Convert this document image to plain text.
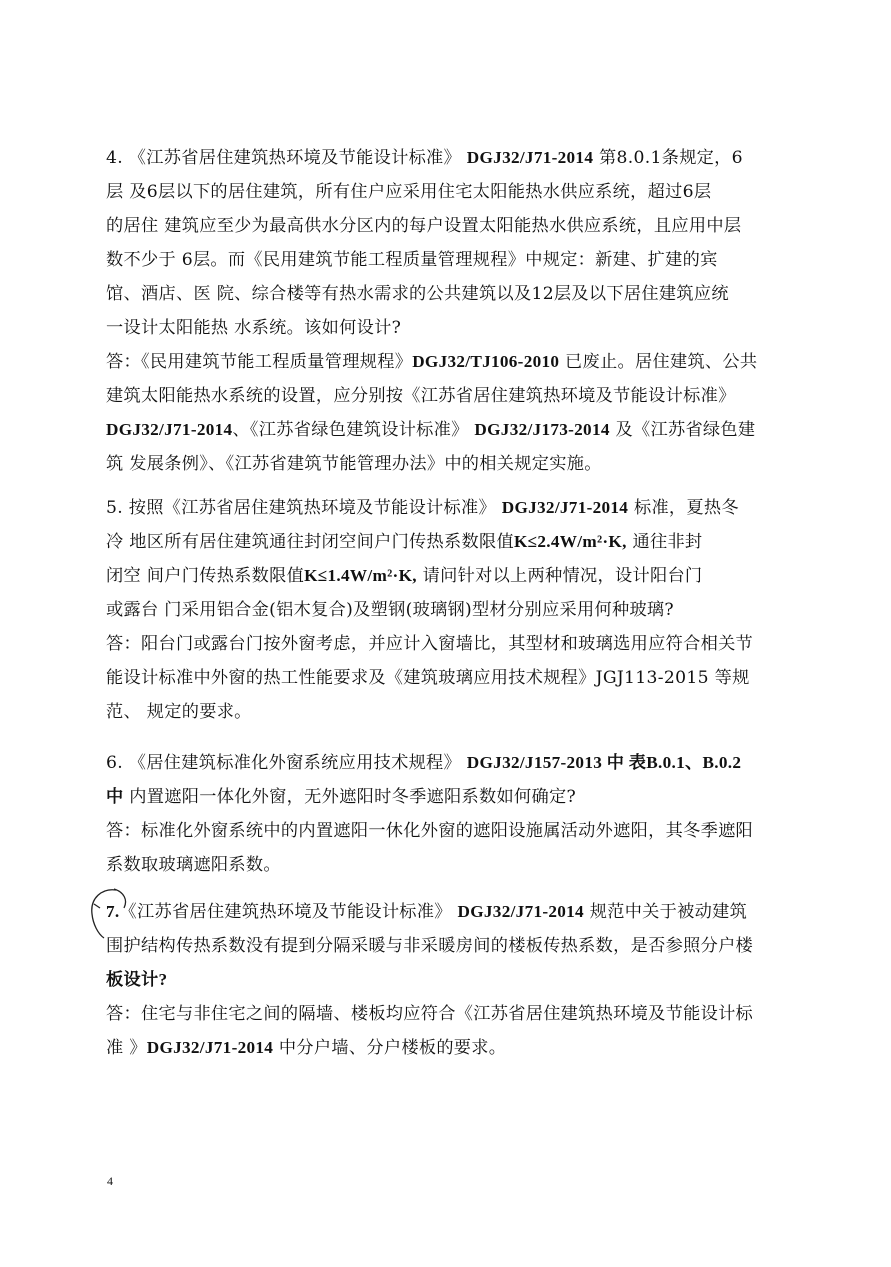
4. 《江苏省居住建筑热环境及节能设计标准》 DGJ32/J71-2014 第8.0.1条规定，6
层 及6层以下的居住建筑，所有住户应采用住宅太阳能热水供应系统，超过6层
的居住 建筑应至少为最高供水分区内的每户设置太阳能热水供应系统，且应用中层
数不少于 6层。而《民用建筑节能工程质量管理规程》中规定：新建、扩建的宾
馆、酒店、医 院、综合楼等有热水需求的公共建筑以及12层及以下居住建筑应统
一设计太阳能热 水系统。该如何设计?
答：《民用建筑节能工程质量管理规程》DGJ32/TJ106-2010 已废止。居住建筑、公共
建筑太阳能热水系统的设置，应分别按《江苏省居住建筑热环境及节能设计标准》
DGJ32/J71-2014、《江苏省绿色建筑设计标准》 DGJ32/J173-2014 及《江苏省绿色建
筑 发展条例》、《江苏省建筑节能管理办法》中的相关规定实施。
5. 按照《江苏省居住建筑热环境及节能设计标准》 DGJ32/J71-2014 标准，夏热冬
冷 地区所有居住建筑通往封闭空间户门传热系数限值K≤2.4W/m²·K, 通往非封
闭空 间户门传热系数限值K≤1.4W/m²·K, 请问针对以上两种情况，设计阳台门
或露台 门采用铝合金(铝木复合)及塑钢(玻璃钢)型材分别应采用何种玻璃?
答：阳台门或露台门按外窗考虑，并应计入窗墙比，其型材和玻璃选用应符合相关节
能设计标准中外窗的热工性能要求及《建筑玻璃应用技术规程》JGJ113-2015 等规
范、 规定的要求。
6. 《居住建筑标准化外窗系统应用技术规程》 DGJ32/J157-2013 中 表B.0.1、B.0.2
中 内置遮阳一体化外窗，无外遮阳时冬季遮阳系数如何确定?
答：标准化外窗系统中的内置遮阳一休化外窗的遮阳设施属活动外遮阳，其冬季遮阳
系数取玻璃遮阳系数。
7.《江苏省居住建筑热环境及节能设计标准》 DGJ32/J71-2014 规范中关于被动建筑
围护结构传热系数没有提到分隔采暖与非采暖房间的楼板传热系数，是否参照分户楼
板设计?
答：住宅与非住宅之间的隔墙、楼板均应符合《江苏省居住建筑热环境及节能设计标
准 》DGJ32/J71-2014 中分户墙、分户楼板的要求。
4
